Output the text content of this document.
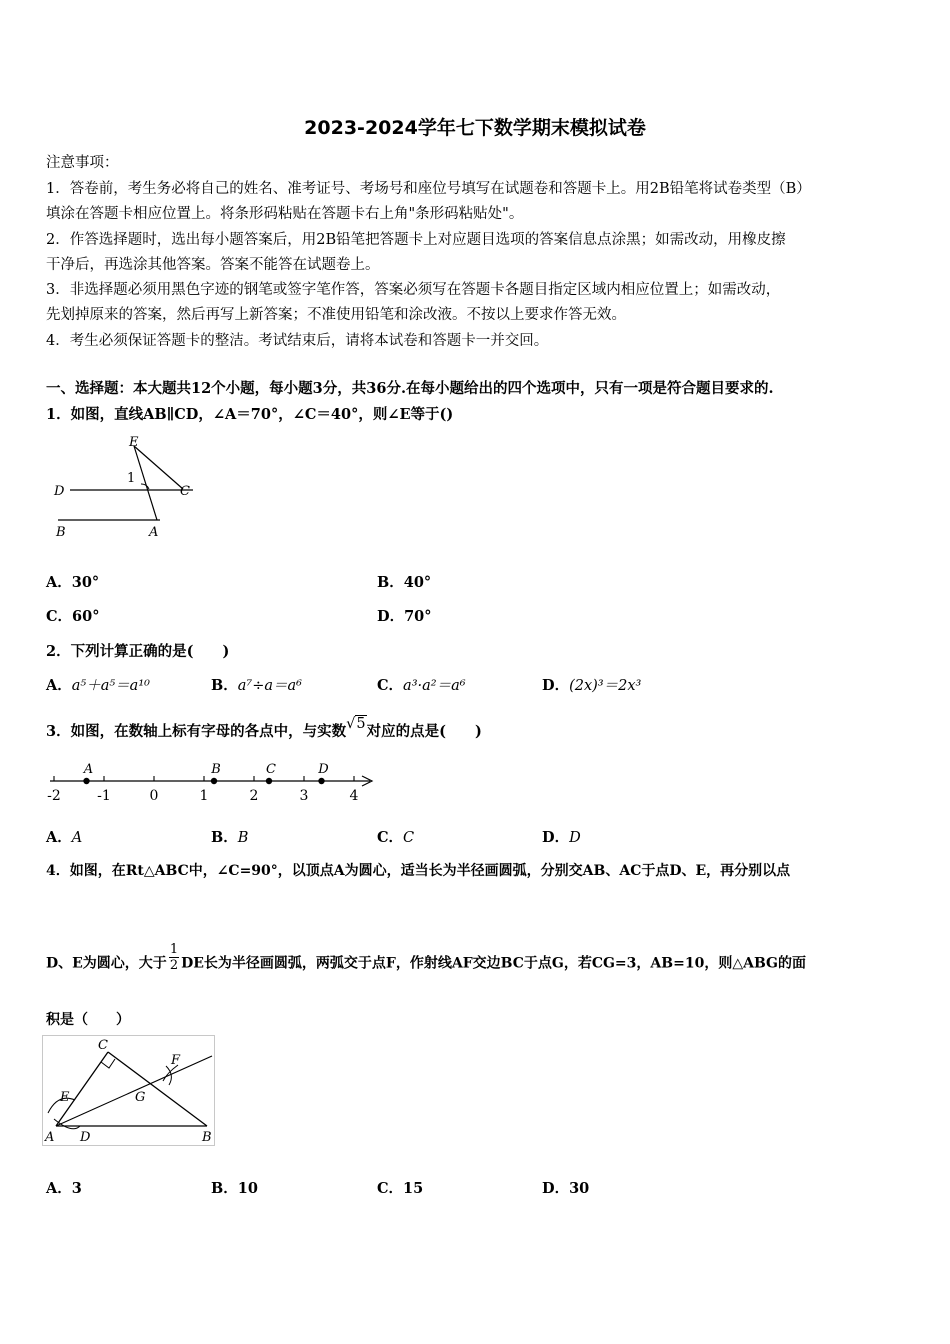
2023-2024学年七下数学期末模拟试卷
注意事项：
1．答卷前，考生务必将自己的姓名、准考证号、考场号和座位号填写在试题卷和答题卡上。用2B铅笔将试卷类型（B）
填涂在答题卡相应位置上。将条形码粘贴在答题卡右上角"条形码粘贴处"。
2．作答选择题时，选出每小题答案后，用2B铅笔把答题卡上对应题目选项的答案信息点涂黑；如需改动，用橡皮擦
干净后，再选涂其他答案。答案不能答在试题卷上。
3．非选择题必须用黑色字迹的钢笔或签字笔作答，答案必须写在答题卡各题目指定区域内相应位置上；如需改动，
先划掉原来的答案，然后再写上新答案；不准使用铅笔和涂改液。不按以上要求作答无效。
4．考生必须保证答题卡的整洁。考试结束后，请将本试卷和答题卡一并交回。
一、选择题：本大题共12个小题，每小题3分，共36分.在每小题给出的四个选项中，只有一项是符合题目要求的.
1．如图，直线AB∥CD，∠A＝70°，∠C＝40°，则∠E等于()
E
1
D	C
B	A
A．30°	B．40°
C．60°	D．70°
2．下列计算正确的是(　　)
A．a⁵＋a⁵＝a¹⁰	B．a⁷÷a＝a⁶	C．a³·a²＝a⁶	D．(2x)³＝2x³
3．如图，在数轴上标有字母的各点中，与实数√5对应的点是(　　)
-2	-1	0	1	2	3	4
A	B	C	D
A．A	B．B	C．C	D．D
4．如图，在Rt△ABC中，∠C=90°，以顶点A为圆心，适当长为半径画圆弧，分别交AB、AC于点D、E，再分别以点
D、E为圆心，大于 $\frac{1}{2}$ DE长为半径画圆弧，两弧交于点F，作射线AF交边BC于点G，若CG=3，AB=10，则△ABG的面
积是（　　）
C
F
E	G
A D	B
A．3	B．10	C．15	D．30
